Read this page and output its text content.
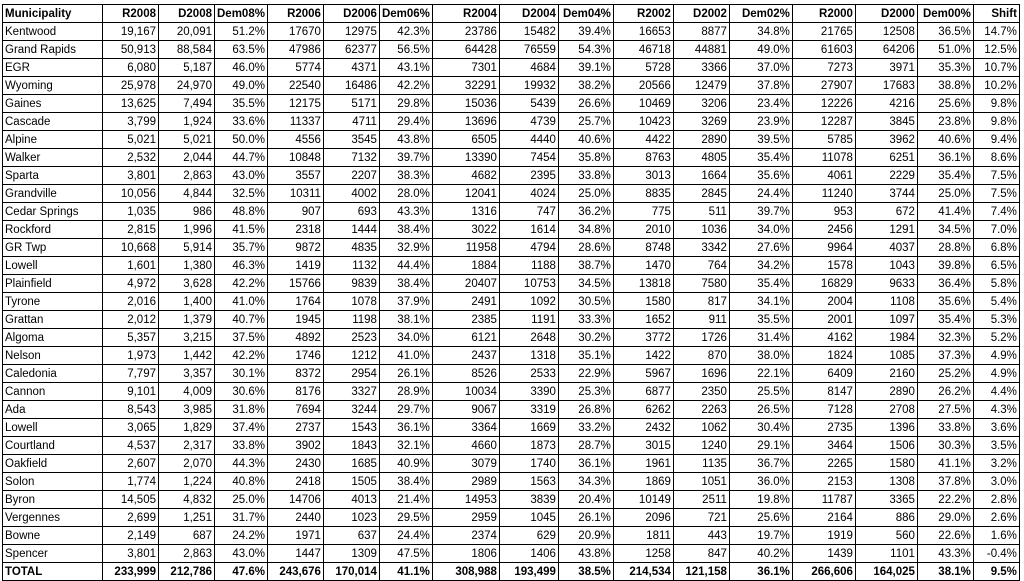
Municipality	R2008	D2008	Dem08%	R2006	D2006	Dem06%	R2004	D2004	Dem04%	R2002	D2002	Dem02%	R2000	D2000	Dem00%	Shift
Kentwood	19,167	20,091	51.2%	17670	12975	42.3%	23786	15482	39.4%	16653	8877	34.8%	21765	12508	36.5%	14.7%
Grand Rapids	50,913	88,584	63.5%	47986	62377	56.5%	64428	76559	54.3%	46718	44881	49.0%	61603	64206	51.0%	12.5%
EGR	6,080	5,187	46.0%	5774	4371	43.1%	7301	4684	39.1%	5728	3366	37.0%	7273	3971	35.3%	10.7%
Wyoming	25,978	24,970	49.0%	22540	16486	42.2%	32291	19932	38.2%	20566	12479	37.8%	27907	17683	38.8%	10.2%
Gaines	13,625	7,494	35.5%	12175	5171	29.8%	15036	5439	26.6%	10469	3206	23.4%	12226	4216	25.6%	9.8%
Cascade	3,799	1,924	33.6%	11337	4711	29.4%	13696	4739	25.7%	10423	3269	23.9%	12287	3845	23.8%	9.8%
Alpine	5,021	5,021	50.0%	4556	3545	43.8%	6505	4440	40.6%	4422	2890	39.5%	5785	3962	40.6%	9.4%
Walker	2,532	2,044	44.7%	10848	7132	39.7%	13390	7454	35.8%	8763	4805	35.4%	11078	6251	36.1%	8.6%
Sparta	3,801	2,863	43.0%	3557	2207	38.3%	4682	2395	33.8%	3013	1664	35.6%	4061	2229	35.4%	7.5%
Grandville	10,056	4,844	32.5%	10311	4002	28.0%	12041	4024	25.0%	8835	2845	24.4%	11240	3744	25.0%	7.5%
Cedar Springs	1,035	986	48.8%	907	693	43.3%	1316	747	36.2%	775	511	39.7%	953	672	41.4%	7.4%
Rockford	2,815	1,996	41.5%	2318	1444	38.4%	3022	1614	34.8%	2010	1036	34.0%	2456	1291	34.5%	7.0%
GR Twp	10,668	5,914	35.7%	9872	4835	32.9%	11958	4794	28.6%	8748	3342	27.6%	9964	4037	28.8%	6.8%
Lowell	1,601	1,380	46.3%	1419	1132	44.4%	1884	1188	38.7%	1470	764	34.2%	1578	1043	39.8%	6.5%
Plainfield	4,972	3,628	42.2%	15766	9839	38.4%	20407	10753	34.5%	13818	7580	35.4%	16829	9633	36.4%	5.8%
Tyrone	2,016	1,400	41.0%	1764	1078	37.9%	2491	1092	30.5%	1580	817	34.1%	2004	1108	35.6%	5.4%
Grattan	2,012	1,379	40.7%	1945	1198	38.1%	2385	1191	33.3%	1652	911	35.5%	2001	1097	35.4%	5.3%
Algoma	5,357	3,215	37.5%	4892	2523	34.0%	6121	2648	30.2%	3772	1726	31.4%	4162	1984	32.3%	5.2%
Nelson	1,973	1,442	42.2%	1746	1212	41.0%	2437	1318	35.1%	1422	870	38.0%	1824	1085	37.3%	4.9%
Caledonia	7,797	3,357	30.1%	8372	2954	26.1%	8526	2533	22.9%	5967	1696	22.1%	6409	2160	25.2%	4.9%
Cannon	9,101	4,009	30.6%	8176	3327	28.9%	10034	3390	25.3%	6877	2350	25.5%	8147	2890	26.2%	4.4%
Ada	8,543	3,985	31.8%	7694	3244	29.7%	9067	3319	26.8%	6262	2263	26.5%	7128	2708	27.5%	4.3%
Lowell	3,065	1,829	37.4%	2737	1543	36.1%	3364	1669	33.2%	2432	1062	30.4%	2735	1396	33.8%	3.6%
Courtland	4,537	2,317	33.8%	3902	1843	32.1%	4660	1873	28.7%	3015	1240	29.1%	3464	1506	30.3%	3.5%
Oakfield	2,607	2,070	44.3%	2430	1685	40.9%	3079	1740	36.1%	1961	1135	36.7%	2265	1580	41.1%	3.2%
Solon	1,774	1,224	40.8%	2418	1505	38.4%	2989	1563	34.3%	1869	1051	36.0%	2153	1308	37.8%	3.0%
Byron	14,505	4,832	25.0%	14706	4013	21.4%	14953	3839	20.4%	10149	2511	19.8%	11787	3365	22.2%	2.8%
Vergennes	2,699	1,251	31.7%	2440	1023	29.5%	2959	1045	26.1%	2096	721	25.6%	2164	886	29.0%	2.6%
Bowne	2,149	687	24.2%	1971	637	24.4%	2374	629	20.9%	1811	443	19.7%	1919	560	22.6%	1.6%
Spencer	3,801	2,863	43.0%	1447	1309	47.5%	1806	1406	43.8%	1258	847	40.2%	1439	1101	43.3%	-0.4%
TOTAL	233,999	212,786	47.6%	243,676	170,014	41.1%	308,988	193,499	38.5%	214,534	121,158	36.1%	266,606	164,025	38.1%	9.5%
